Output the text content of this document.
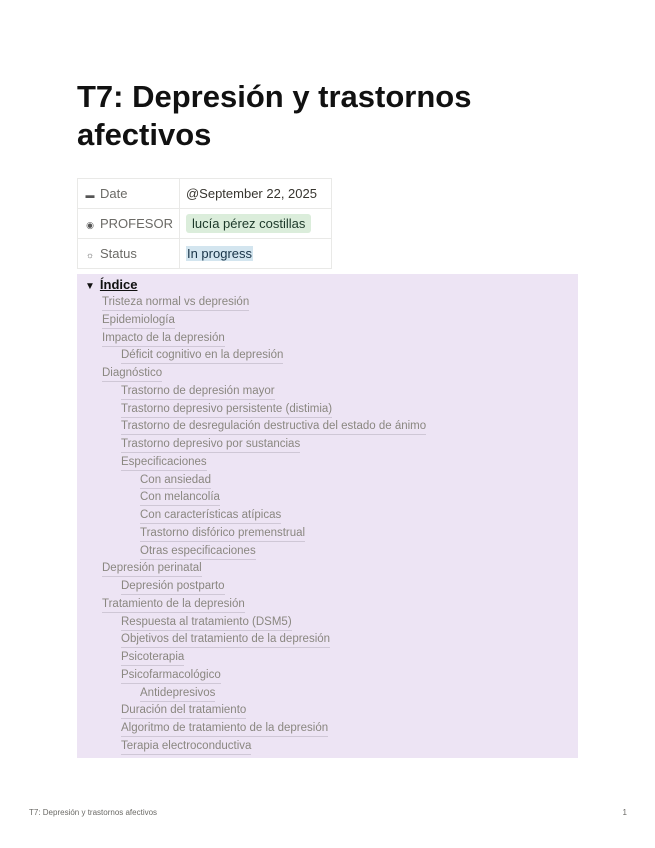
T7: Depresión y trastornos afectivos
▬ Date	@September 22, 2025
◉ PROFESOR	lucía pérez costillas
☼ Status	In progress
▼ Índice
Tristeza normal vs depresión
Epidemiología
Impacto de la depresión
Déficit cognitivo en la depresión
Diagnóstico
Trastorno de depresión mayor
Trastorno depresivo persistente (distimia)
Trastorno de desregulación destructiva del estado de ánimo
Trastorno depresivo por sustancias
Especificaciones
Con ansiedad
Con melancolía
Con características atípicas
Trastorno disfórico premenstrual
Otras especificaciones
Depresión perinatal
Depresión postparto
Tratamiento de la depresión
Respuesta al tratamiento (DSM5)
Objetivos del tratamiento de la depresión
Psicoterapia
Psicofarmacológico
Antidepresivos
Duración del tratamiento
Algoritmo de tratamiento de la depresión
Terapia electroconductiva
T7: Depresión y trastornos afectivos	1
